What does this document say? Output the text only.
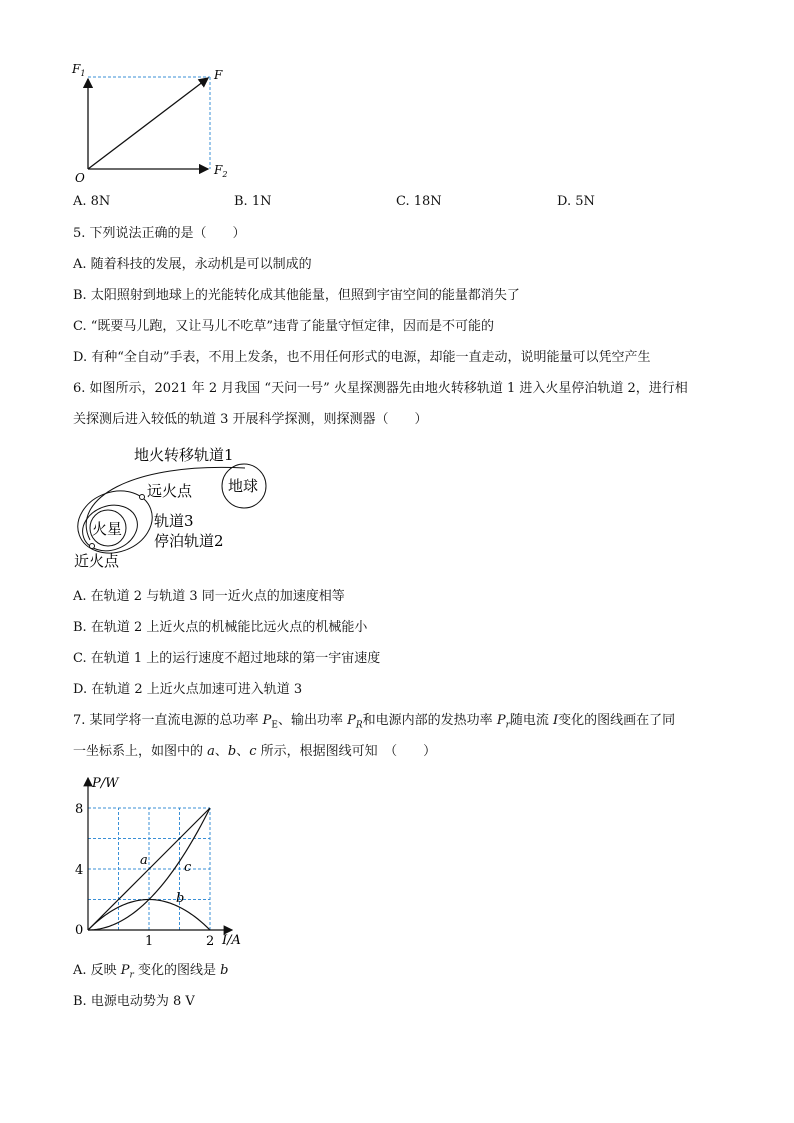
$F_1$	F
$F_2$
O
A. 8N	B. 1N	C. 18N	D. 5N
5. 下列说法正确的是（　　）
A. 随着科技的发展，永动机是可以制成的
B. 太阳照射到地球上的光能转化成其他能量，但照到宇宙空间的能量都消失了
C. “既要马儿跑，又让马儿不吃草”违背了能量守恒定律，因而是不可能的
D. 有种“全自动”手表，不用上发条，也不用任何形式的电源，却能一直走动，说明能量可以凭空产生
6. 如图所示，2021 年 2 月我国 “天问一号” 火星探测器先由地火转移轨道 1 进入火星停泊轨道 2，进行相
关探测后进入较低的轨道 3 开展科学探测，则探测器（　　）
地火转移轨道1
地球
远火点
火星 轨道3
停泊轨道2
近火点
A. 在轨道 2 与轨道 3 同一近火点的加速度相等
B. 在轨道 2 上近火点的机械能比远火点的机械能小
C. 在轨道 1 上的运行速度不超过地球的第一宇宙速度
D. 在轨道 2 上近火点加速可进入轨道 3
7. 某同学将一直流电源的总功率 $P_E$、输出功率 $P_R$和电源内部的发热功率 $P_r$随电流 I变化的图线画在了同
一坐标系上，如图中的 a、b、c 所示，根据图线可知　（　　）
1	2
0
4
8
P/W
I/A
a
b
c
A. 反映 $P_r$ 变化的图线是 b
B. 电源电动势为 8 V
